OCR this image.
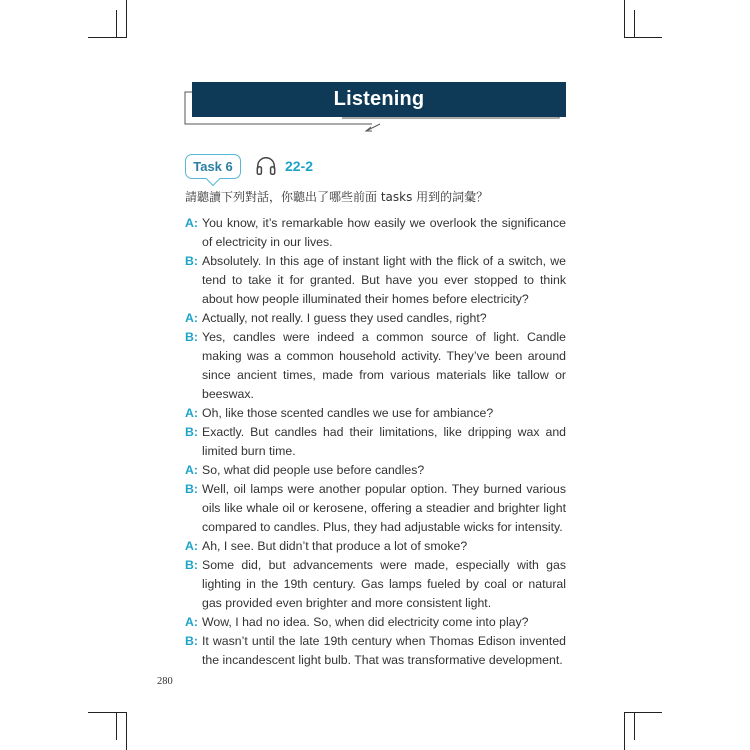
Listening
Task 6	22-2
請聽讀下列對話，你聽出了哪些前面 tasks 用到的詞彙？
A: You know, it’s remarkable how easily we overlook the significance of electricity in our lives.
B: Absolutely. In this age of instant light with the flick of a switch, we tend to take it for granted. But have you ever stopped to think about how people illuminated their homes before electricity?
A: Actually, not really. I guess they used candles, right?
B: Yes, candles were indeed a common source of light. Candle making was a common household activity. They’ve been around since ancient times, made from various materials like tallow or beeswax.
A: Oh, like those scented candles we use for ambiance?
B: Exactly. But candles had their limitations, like dripping wax and limited burn time.
A: So, what did people use before candles?
B: Well, oil lamps were another popular option. They burned various oils like whale oil or kerosene, offering a steadier and brighter light compared to candles. Plus, they had adjustable wicks for intensity.
A: Ah, I see. But didn’t that produce a lot of smoke?
B: Some did, but advancements were made, especially with gas lighting in the 19th century. Gas lamps fueled by coal or natural gas provided even brighter and more consistent light.
A: Wow, I had no idea. So, when did electricity come into play?
B: It wasn’t until the late 19th century when Thomas Edison invented the incandescent light bulb. That was transformative development.
280
